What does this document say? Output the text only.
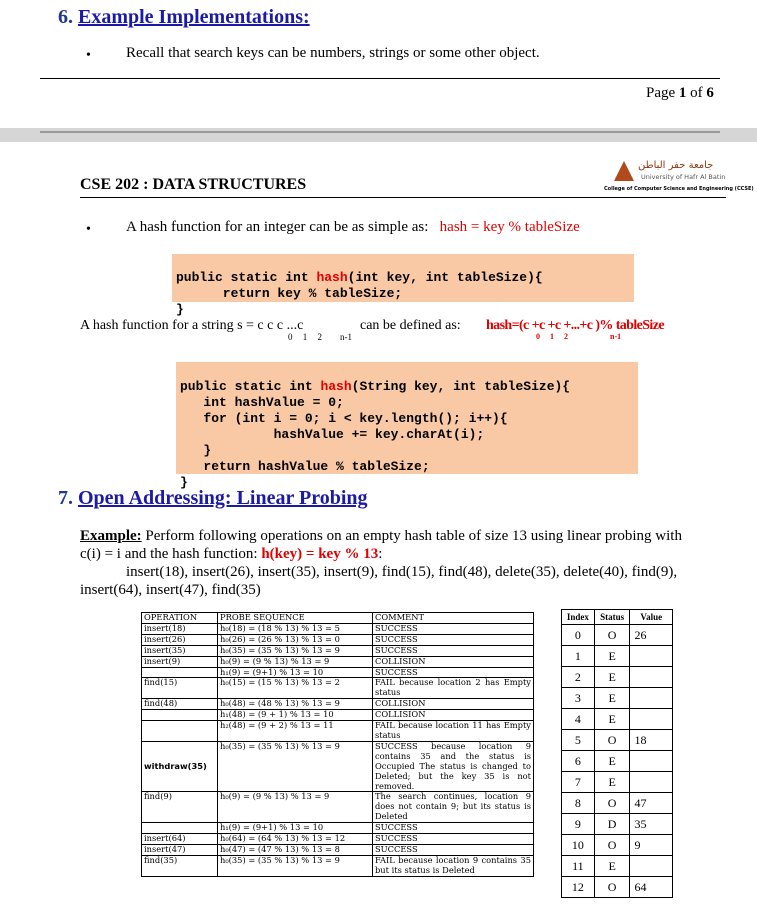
6. Example Implementations:
• Recall that search keys can be numbers, strings or some other object.
Page 1 of 6
جامعة حفر الباطن
University of Hafr Al Batin
College of Computer Science and Engineering (CCSE)
CSE 202 : DATA STRUCTURES
• A hash function for an integer can be as simple as: hash = key % tableSize

public static int hash(int key, int tableSize){
return key % tableSize;
}
A hash function for a string s = c c c ...c
0 1 2 n-1
can be defined as: hash=(c +c +c +...+c )% tableSize
0 1 2	n-1

public static int hash(String key, int tableSize){
int hashValue = 0;
for (int i = 0; i < key.length(); i++){
hashValue += key.charAt(i);
}
return hashValue % tableSize;
}
7. Open Addressing: Linear Probing
Example: Perform following operations on an empty hash table of size 13 using linear probing with
c(i) = i and the hash function: h(key) = key % 13:
insert(18), insert(26), insert(35), insert(9), find(15), find(48), delete(35), delete(40), find(9),
insert(64), insert(47), find(35)
OPERATION	PROBE SEQUENCE	COMMENT
insert(18)	h₀(18) = (18 % 13) % 13 = 5	SUCCESS
insert(26)	h₀(26) = (26 % 13) % 13 = 0	SUCCESS
insert(35)	h₀(35) = (35 % 13) % 13 = 9	SUCCESS
insert(9)	h₀(9) = (9 % 13) % 13 = 9	COLLISION
	h₁(9) = (9+1) % 13 = 10	SUCCESS
find(15)	h₀(15) = (15 % 13) % 13 = 2	FAIL because location 2 has Empty status
find(48)	h₀(48) = (48 % 13) % 13 = 9	COLLISION
	h₁(48) = (9 + 1) % 13 = 10	COLLISION
	h₂(48) = (9 + 2) % 13 = 11	FAIL because location 11 has Empty status
withdraw(35)	h₀(35) = (35 % 13) % 13 = 9	SUCCESS because location 9 contains 35 and the status is Occupied The status is changed to Deleted; but the key 35 is not removed.
find(9)	h₀(9) = (9 % 13) % 13 = 9	The search continues, location 9 does not contain 9; but its status is Deleted
	h₁(9) = (9+1) % 13 = 10	SUCCESS
insert(64)	h₀(64) = (64 % 13) % 13 = 12	SUCCESS
insert(47)	h₀(47) = (47 % 13) % 13 = 8	SUCCESS
find(35)	h₀(35) = (35 % 13) % 13 = 9	FAIL because location 9 contains 35 but its status is Deleted
Index	Status	Value
0	O	26
1	E	
2	E	
3	E	
4	E	
5	O	18
6	E	
7	E	
8	O	47
9	D	35
10	O	9
11	E	
12	O	64
